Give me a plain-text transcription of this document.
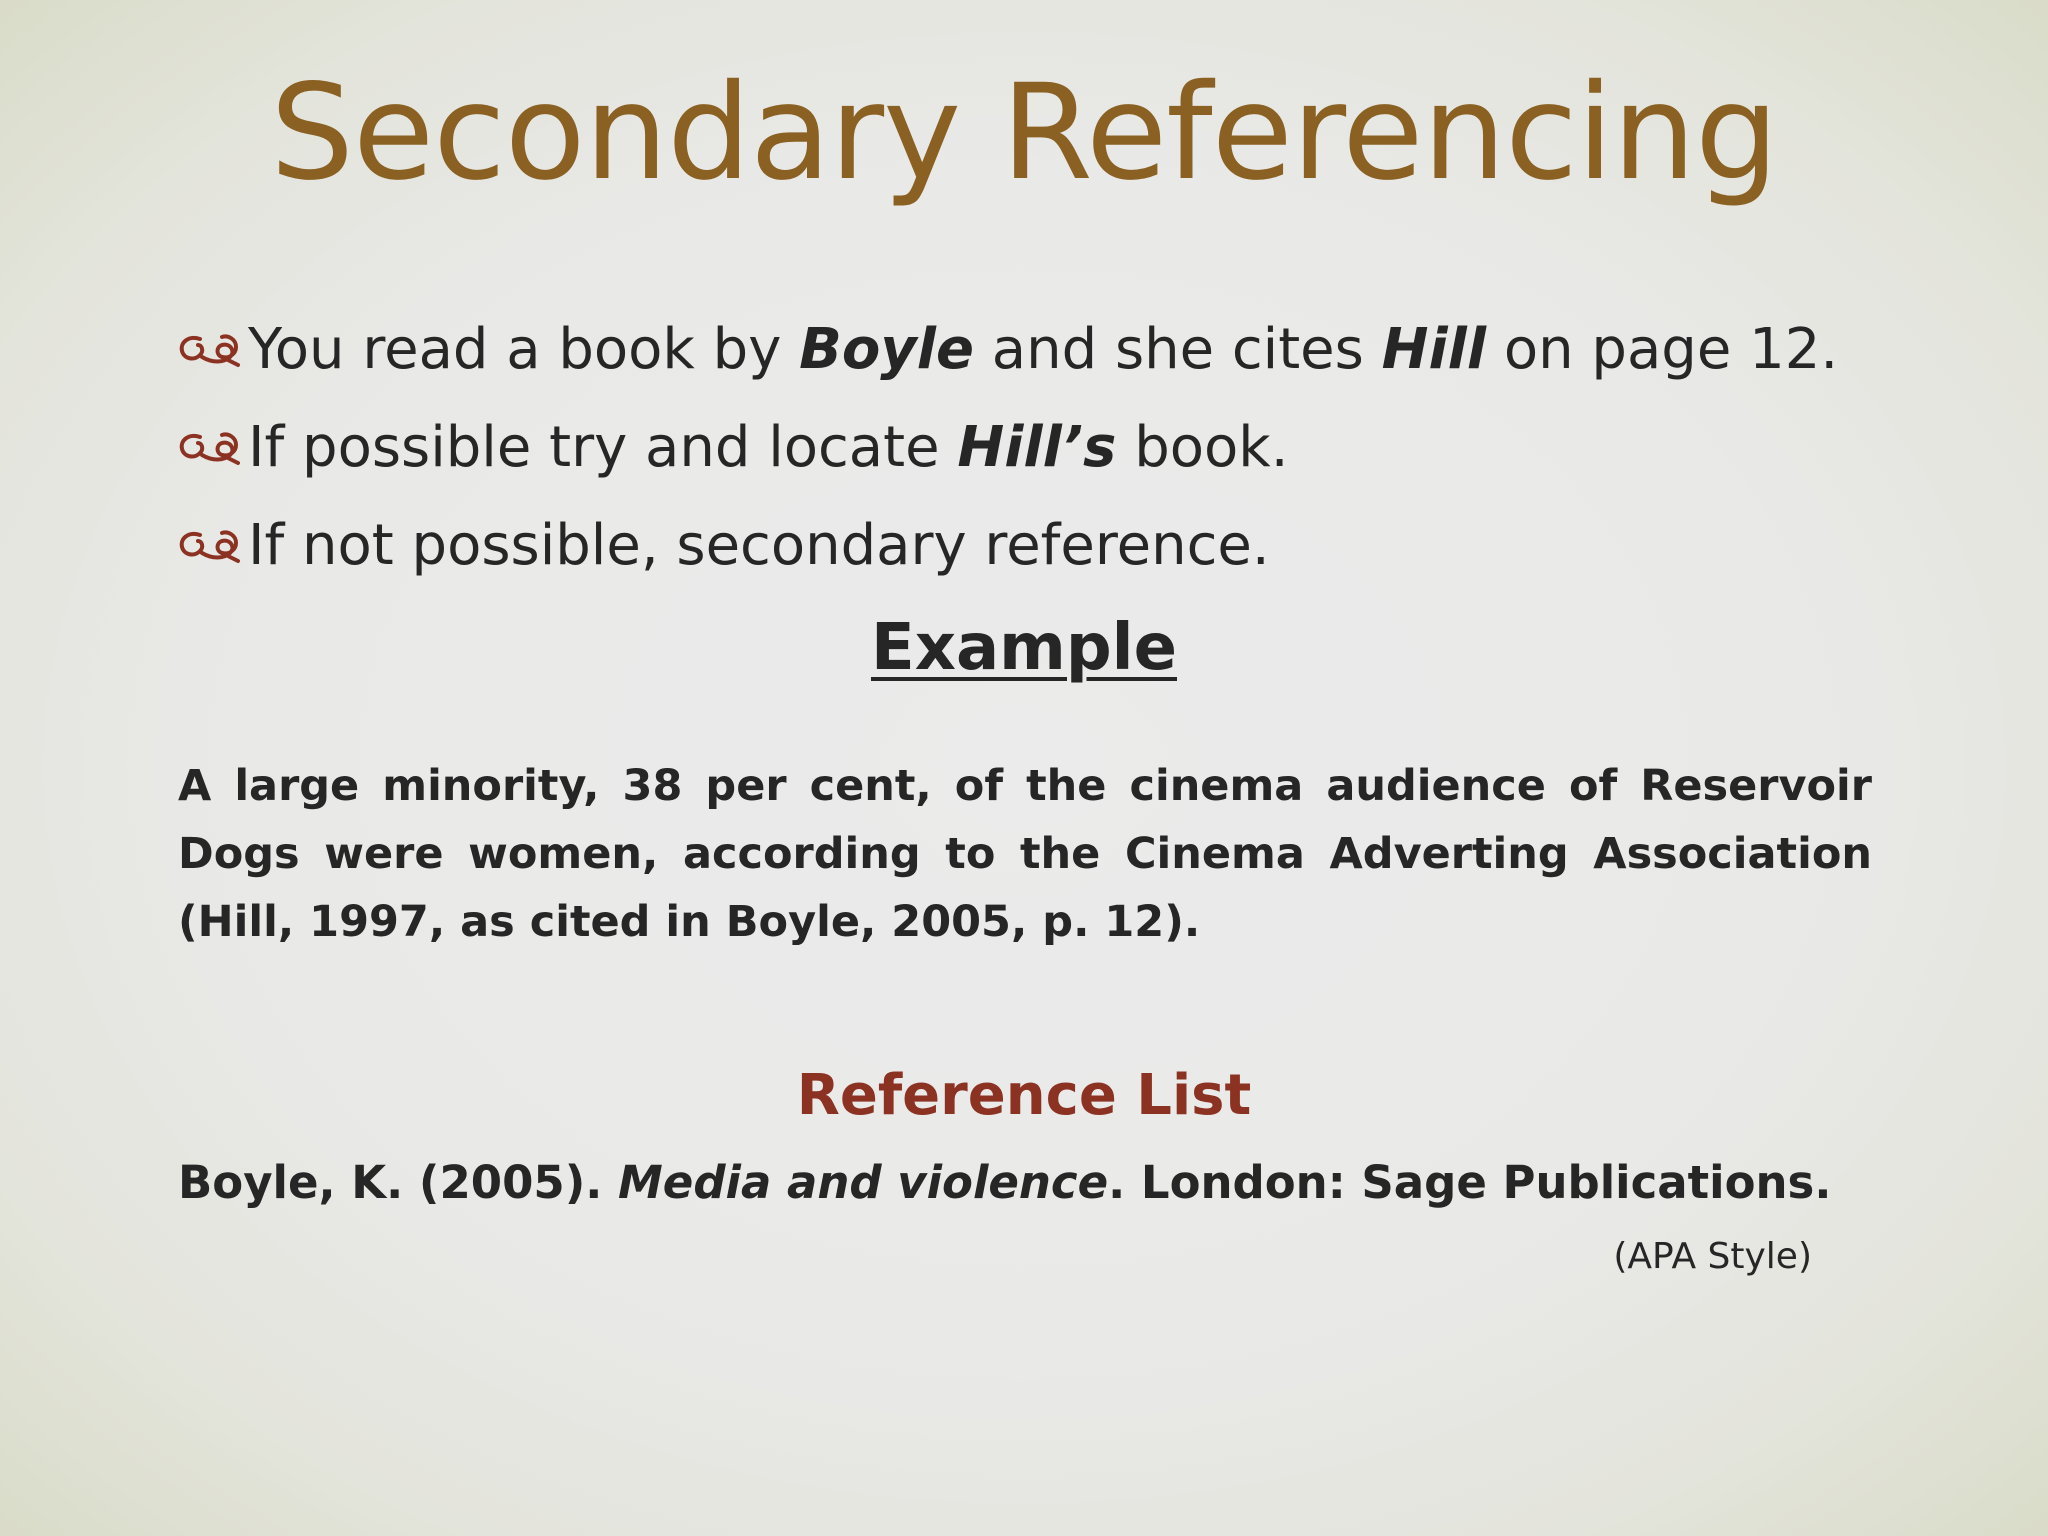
Secondary Referencing
You read a book by Boyle and she cites Hill on page 12.
If possible try and locate Hill’s book.
If not possible, secondary reference.
Example

A large minority, 38 per cent, of the cinema audience of Reservoir Dogs were women, according to the Cinema Adverting Association (Hill, 1997, as cited in Boyle, 2005, p. 12).

Reference List
Boyle, K. (2005). Media and violence. London: Sage Publications.
(APA Style)
